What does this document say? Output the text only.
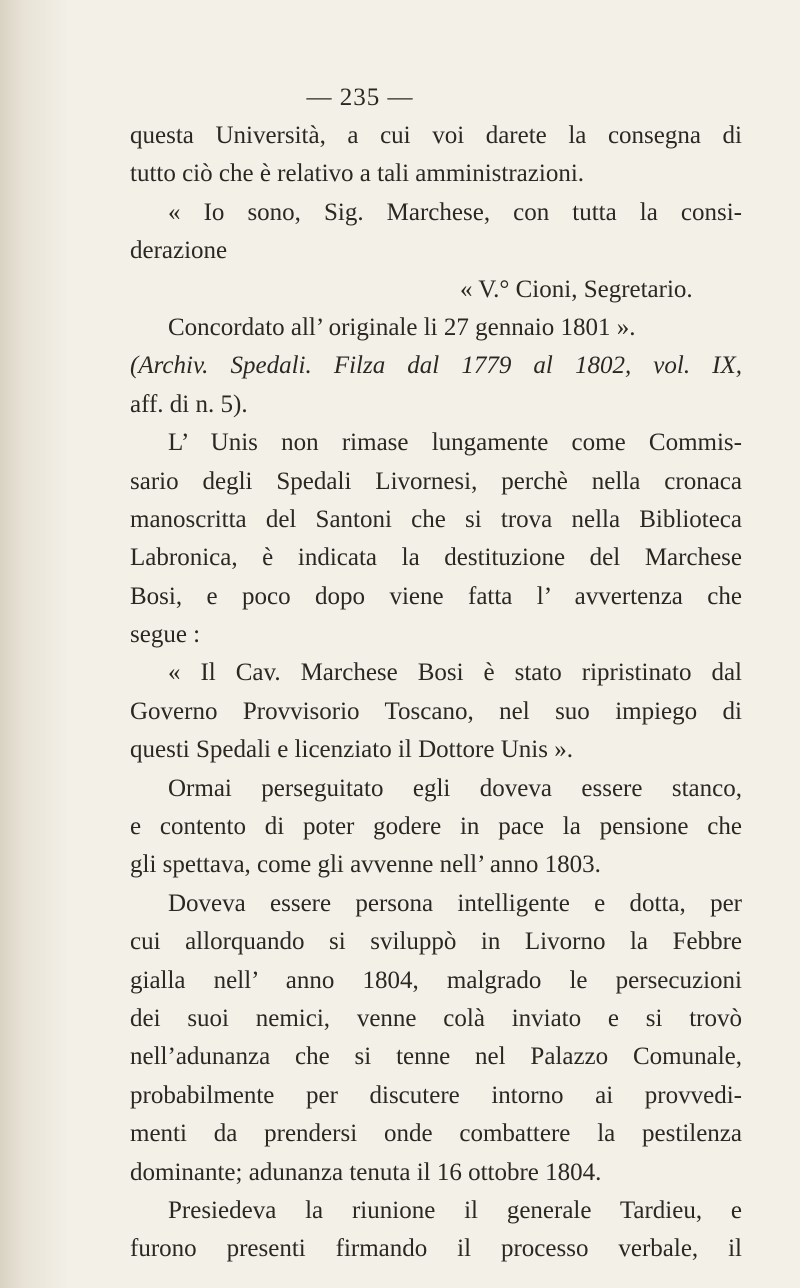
— 235 —
questa Università, a cui voi darete la consegna di
tutto ciò che è relativo a tali amministrazioni.
« Io sono, Sig. Marchese, con tutta la consi-
derazione
« V.° Cioni, Segretario.
Concordato all’ originale li 27 gennaio 1801 ».
(Archiv. Spedali. Filza dal 1779 al 1802, vol. IX,
aff. di n. 5).
L’ Unis non rimase lungamente come Commis-
sario degli Spedali Livornesi, perchè nella cronaca
manoscritta del Santoni che si trova nella Biblioteca
Labronica, è indicata la destituzione del Marchese
Bosi, e poco dopo viene fatta l’ avvertenza che
segue :
« Il Cav. Marchese Bosi è stato ripristinato dal
Governo Provvisorio Toscano, nel suo impiego di
questi Spedali e licenziato il Dottore Unis ».
Ormai perseguitato egli doveva essere stanco,
e contento di poter godere in pace la pensione che
gli spettava, come gli avvenne nell’ anno 1803.
Doveva essere persona intelligente e dotta, per
cui allorquando si sviluppò in Livorno la Febbre
gialla nell’ anno 1804, malgrado le persecuzioni
dei suoi nemici, venne colà inviato e si trovò
nell’adunanza che si tenne nel Palazzo Comunale,
probabilmente per discutere intorno ai provvedi-
menti da prendersi onde combattere la pestilenza
dominante; adunanza tenuta il 16 ottobre 1804.
Presiedeva la riunione il generale Tardieu, e
furono presenti firmando il processo verbale, il
